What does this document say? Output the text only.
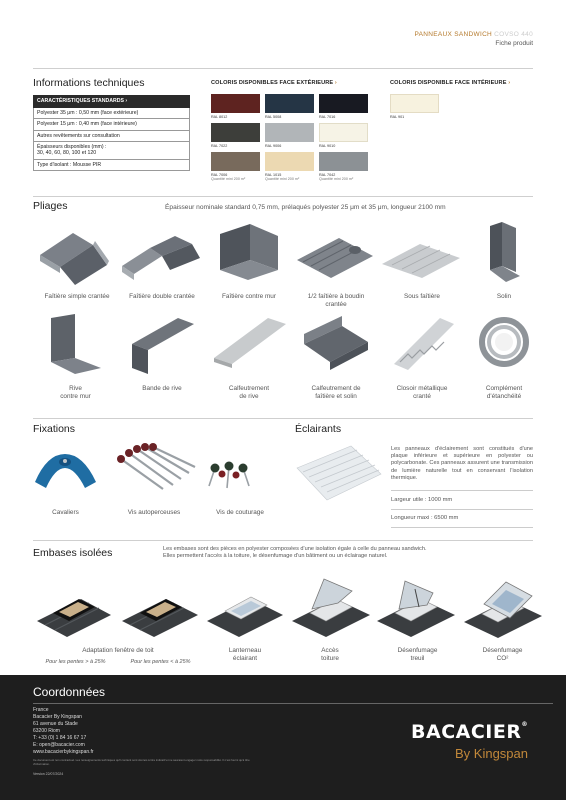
PANNEAUX SANDWICH COVSO 440
Fiche produit
Informations techniques
CARACTÉRISTIQUES STANDARDS ›
Polyester 35 μm : 0,50 mm (face extérieure)
Polyester 15 μm : 0,40 mm (face intérieure)
Autres revêtements sur consultation
Épaisseurs disponibles (mm) :
30, 40, 60, 80, 100 et 120
Type d'isolant : Mousse PIR
COLORIS DISPONIBLES FACE EXTÉRIEURE ›
RAL 8012	RAL 5008	RAL 7016
RAL 7022	RAL 9006	RAL 9010
RAL 7006
Quantité mini 200 m²
RAL 1015
Quantité mini 200 m²
RAL 7042
Quantité mini 200 m²
COLORIS DISPONIBLE FACE INTÉRIEURE ›
RAL 901
Pliages	Épaisseur nominale standard 0,75 mm, prélaqués polyester 25 μm et 35 μm, longueur 2100 mm
Faîtière simple crantée	Faîtière double crantée	Faîtière contre mur	1/2 faîtière à boudin
crantée
Sous faîtière	Solin
Rive
contre mur
Bande de rive	Calfeutrement
de rive
Calfeutrement de
faîtière et solin
Closoir métallique
cranté
Complément
d'étanchéité
Fixations
Cavaliers	Vis autoperceuses	Vis de couturage
Éclairants
Les panneaux d'éclairement sont constitués d'une plaque inférieure et supérieure en polyester ou polycarbonate. Ces panneaux assurent une transmission de lumière naturelle tout en conservant l'isolation thermique.
Largeur utile : 1000 mm
Longueur maxi : 6500 mm
Embases isolées	Les embases sont des pièces en polyester composées d'une isolation égale à celle du panneau sandwich.
Elles permettent l'accès à la toiture, le désenfumage d'un bâtiment ou un éclairage naturel.
Adaptation fenêtre de toit
Pour les pentes > à 25%	Pour les pentes < à 25%
Lanterneau
éclairant
Accès
toiture
Désenfumage
treuil
Désenfumage
CO²
Coordonnées
France
Bacacier By Kingspan
61 avenue du Stade
63200 Riom
T: +33 (0) 1 84 16 67 17
E: open@bacacier.com
www.bacacierbykingspan.fr
Ce document est non contractuel. Les renseignements techniques qu'il contient sont donnés à titre indicatif et ne sauraient engager notre responsabilité. Il n'est fourni qu'à titre d'information.
Version 22/07/2024
BACACIER®
By Kingspan
